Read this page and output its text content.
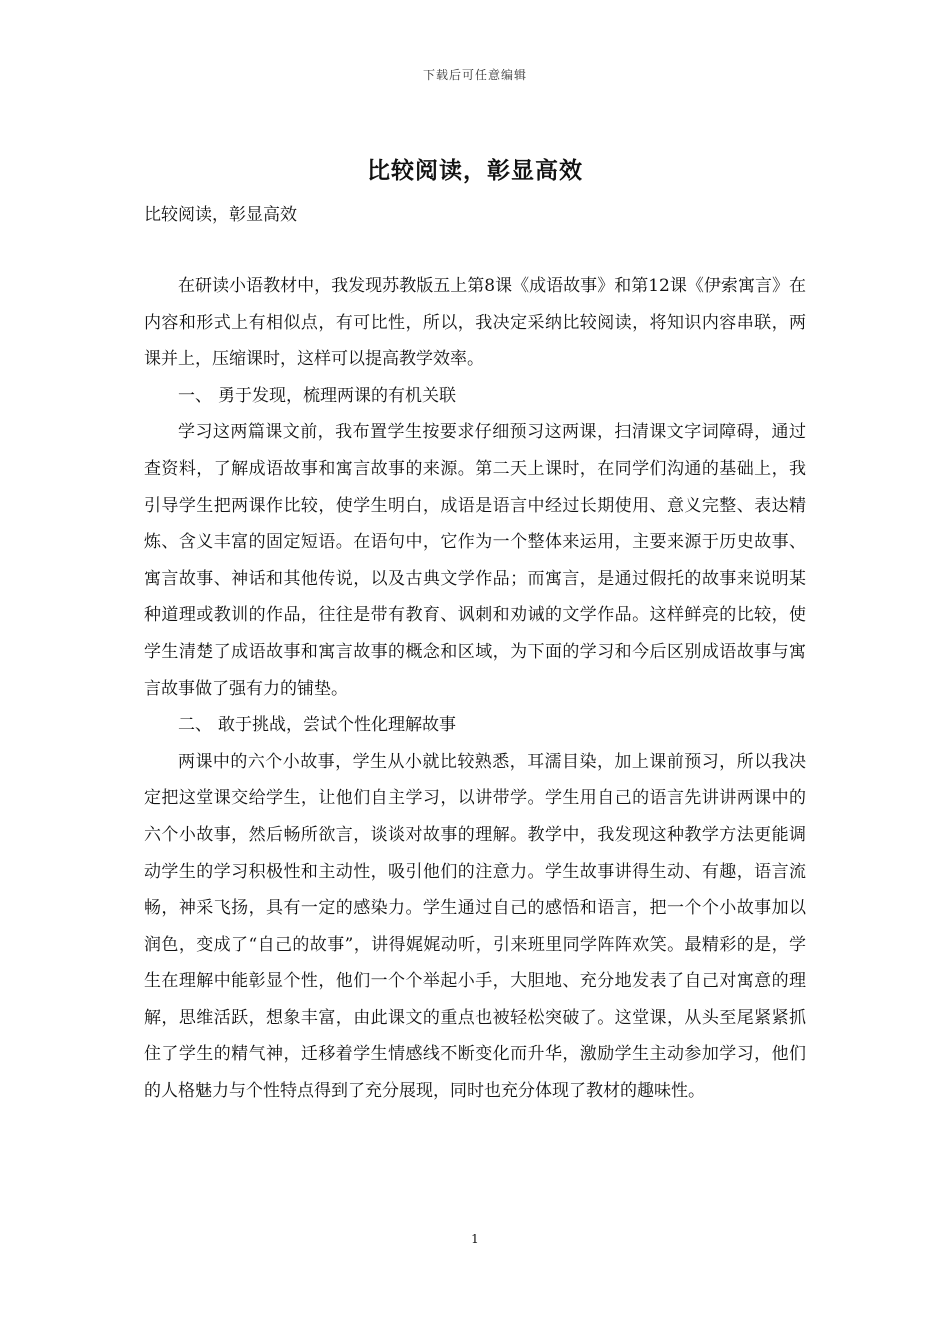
下载后可任意编辑
比较阅读，彰显高效
比较阅读，彰显高效

在研读小语教材中，我发现苏教版五上第8课《成语故事》和第12课《伊索寓言》在内容和形式上有相似点，有可比性，所以，我决定采纳比较阅读，将知识内容串联，两课并上，压缩课时，这样可以提高教学效率。

一、 勇于发现，梳理两课的有机关联

学习这两篇课文前，我布置学生按要求仔细预习这两课，扫清课文字词障碍，通过查资料，了解成语故事和寓言故事的来源。第二天上课时，在同学们沟通的基础上，我引导学生把两课作比较，使学生明白，成语是语言中经过长期使用、意义完整、表达精炼、含义丰富的固定短语。在语句中，它作为一个整体来运用，主要来源于历史故事、寓言故事、神话和其他传说，以及古典文学作品；而寓言，是通过假托的故事来说明某种道理或教训的作品，往往是带有教育、讽刺和劝诫的文学作品。这样鲜亮的比较，使学生清楚了成语故事和寓言故事的概念和区域，为下面的学习和今后区别成语故事与寓言故事做了强有力的铺垫。

二、 敢于挑战，尝试个性化理解故事

两课中的六个小故事，学生从小就比较熟悉，耳濡目染，加上课前预习，所以我决定把这堂课交给学生，让他们自主学习，以讲带学。学生用自己的语言先讲讲两课中的六个小故事，然后畅所欲言，谈谈对故事的理解。教学中，我发现这种教学方法更能调动学生的学习积极性和主动性，吸引他们的注意力。学生故事讲得生动、有趣，语言流畅，神采飞扬，具有一定的感染力。学生通过自己的感悟和语言，把一个个小故事加以润色，变成了“自己的故事”，讲得娓娓动听，引来班里同学阵阵欢笑。最精彩的是，学生在理解中能彰显个性，他们一个个举起小手，大胆地、充分地发表了自己对寓意的理解，思维活跃，想象丰富，由此课文的重点也被轻松突破了。这堂课，从头至尾紧紧抓住了学生的精气神，迁移着学生情感线不断变化而升华，激励学生主动参加学习，他们的人格魅力与个性特点得到了充分展现，同时也充分体现了教材的趣味性。

1
